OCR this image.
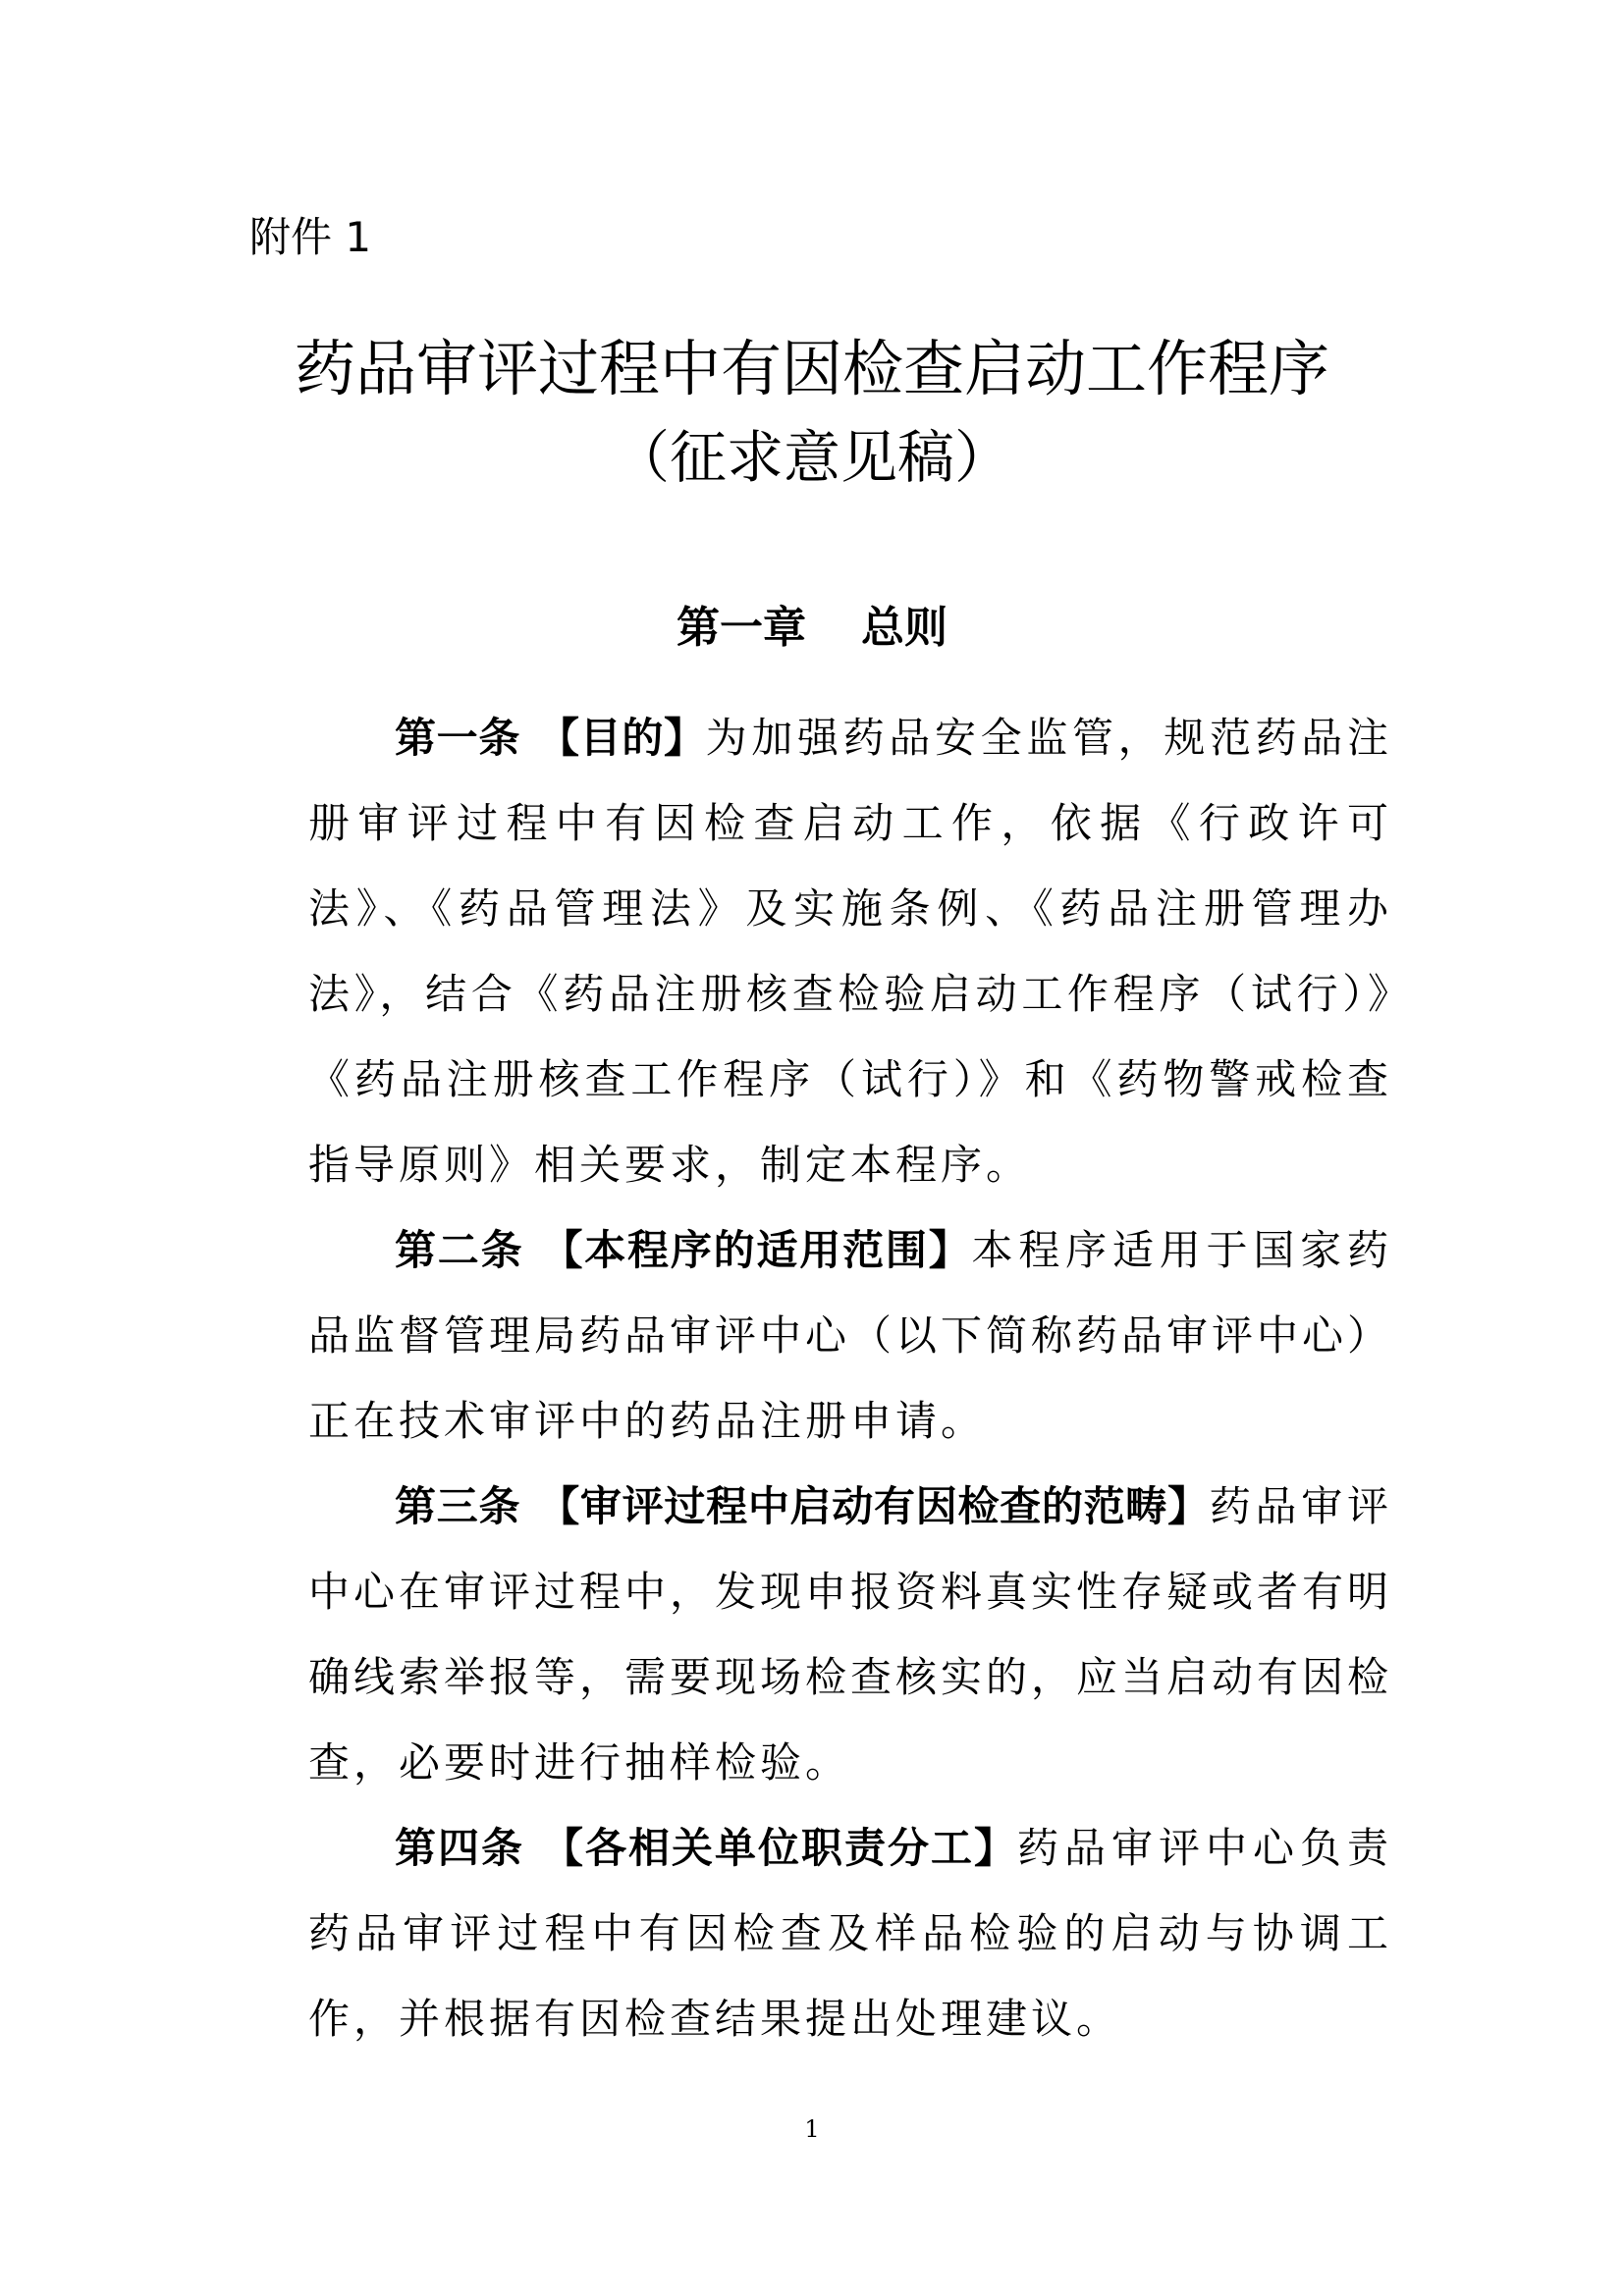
附件 1

药品审评过程中有因检查启动工作程序
（征求意见稿）
第一章 总则

第一条 【目的】为加强药品安全监管，规范药品注册审评过程中有因检查启动工作，依据《行政许可法》、《药品管理法》及实施条例、《药品注册管理办法》，结合《药品注册核查检验启动工作程序（试行）》《药品注册核查工作程序（试行）》和《药物警戒检查指导原则》相关要求，制定本程序。

第二条 【本程序的适用范围】本程序适用于国家药品监督管理局药品审评中心（以下简称药品审评中心）正在技术审评中的药品注册申请。

第三条 【审评过程中启动有因检查的范畴】药品审评中心在审评过程中，发现申报资料真实性存疑或者有明确线索举报等，需要现场检查核实的，应当启动有因检查，必要时进行抽样检验。

第四条 【各相关单位职责分工】药品审评中心负责药品审评过程中有因检查及样品检验的启动与协调工作，并根据有因检查结果提出处理建议。

1
